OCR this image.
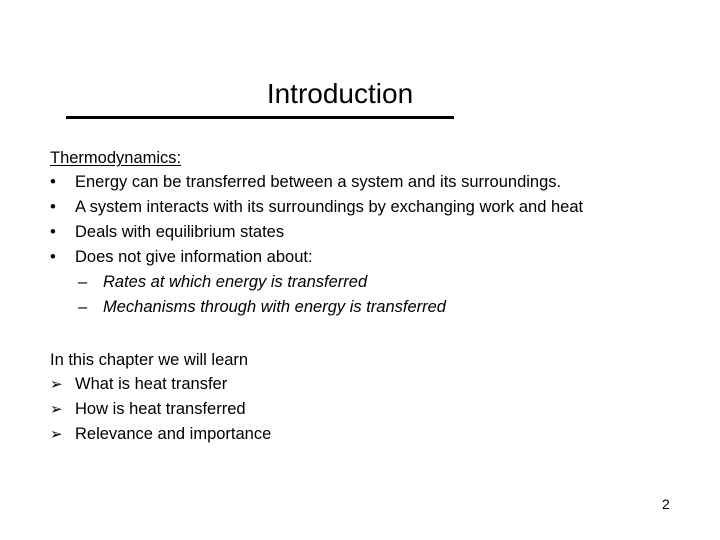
Introduction
Thermodynamics:
•	Energy can be transferred between a system and its surroundings.
•	A system interacts with its surroundings by exchanging work and heat
•	Deals with equilibrium states
•	Does not give information about:
– Rates at which energy is transferred
– Mechanisms through with energy is transferred
In this chapter we will learn
➢ What is heat transfer
➢ How is heat transferred
➢ Relevance and importance
2
